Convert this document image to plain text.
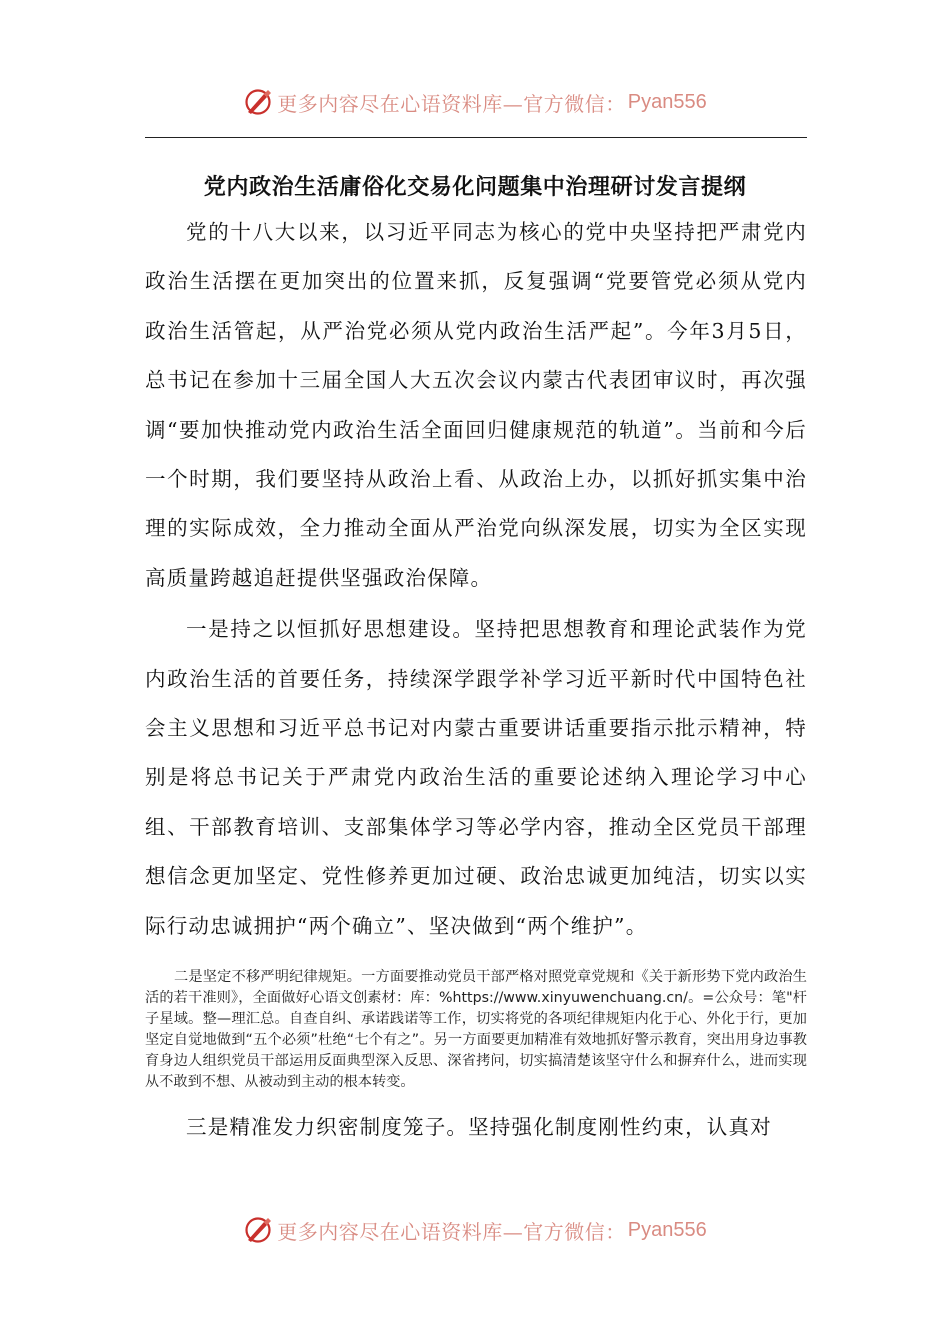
更多内容尽在心语资料库—官方微信： Pyan556
党内政治生活庸俗化交易化问题集中治理研讨发言提纲

党的十八大以来，以习近平同志为核心的党中央坚持把严肃党内政治生活摆在更加突出的位置来抓，反复强调“党要管党必须从党内政治生活管起，从严治党必须从党内政治生活严起”。今年3月5日，总书记在参加十三届全国人大五次会议内蒙古代表团审议时，再次强调“要加快推动党内政治生活全面回归健康规范的轨道”。当前和今后一个时期，我们要坚持从政治上看、从政治上办，以抓好抓实集中治理的实际成效，全力推动全面从严治党向纵深发展，切实为全区实现高质量跨越追赶提供坚强政治保障。

一是持之以恒抓好思想建设。坚持把思想教育和理论武装作为党内政治生活的首要任务，持续深学跟学补学习近平新时代中国特色社会主义思想和习近平总书记对内蒙古重要讲话重要指示批示精神，特别是将总书记关于严肃党内政治生活的重要论述纳入理论学习中心组、干部教育培训、支部集体学习等必学内容，推动全区党员干部理想信念更加坚定、党性修养更加过硬、政治忠诚更加纯洁，切实以实际行动忠诚拥护“两个确立”、坚决做到“两个维护”。

二是坚定不移严明纪律规矩。一方面要推动党员干部严格对照党章党规和《关于新形势下党内政治生活的若干准则》，全面做好心语文创素材：库：%https://www.xinyuwenchuang.cn/。=公众号：笔"杆子星域。整—理汇总。自查自纠、承诺践诺等工作，切实将党的各项纪律规矩内化于心、外化于行，更加坚定自觉地做到“五个必须”杜绝“七个有之”。另一方面要更加精准有效地抓好警示教育，突出用身边事教育身边人组织党员干部运用反面典型深入反思、深省拷问，切实搞清楚该坚守什么和摒弃什么，进而实现从不敢到不想、从被动到主动的根本转变。

三是精准发力织密制度笼子。坚持强化制度刚性约束，认真对

更多内容尽在心语资料库—官方微信： Pyan556
